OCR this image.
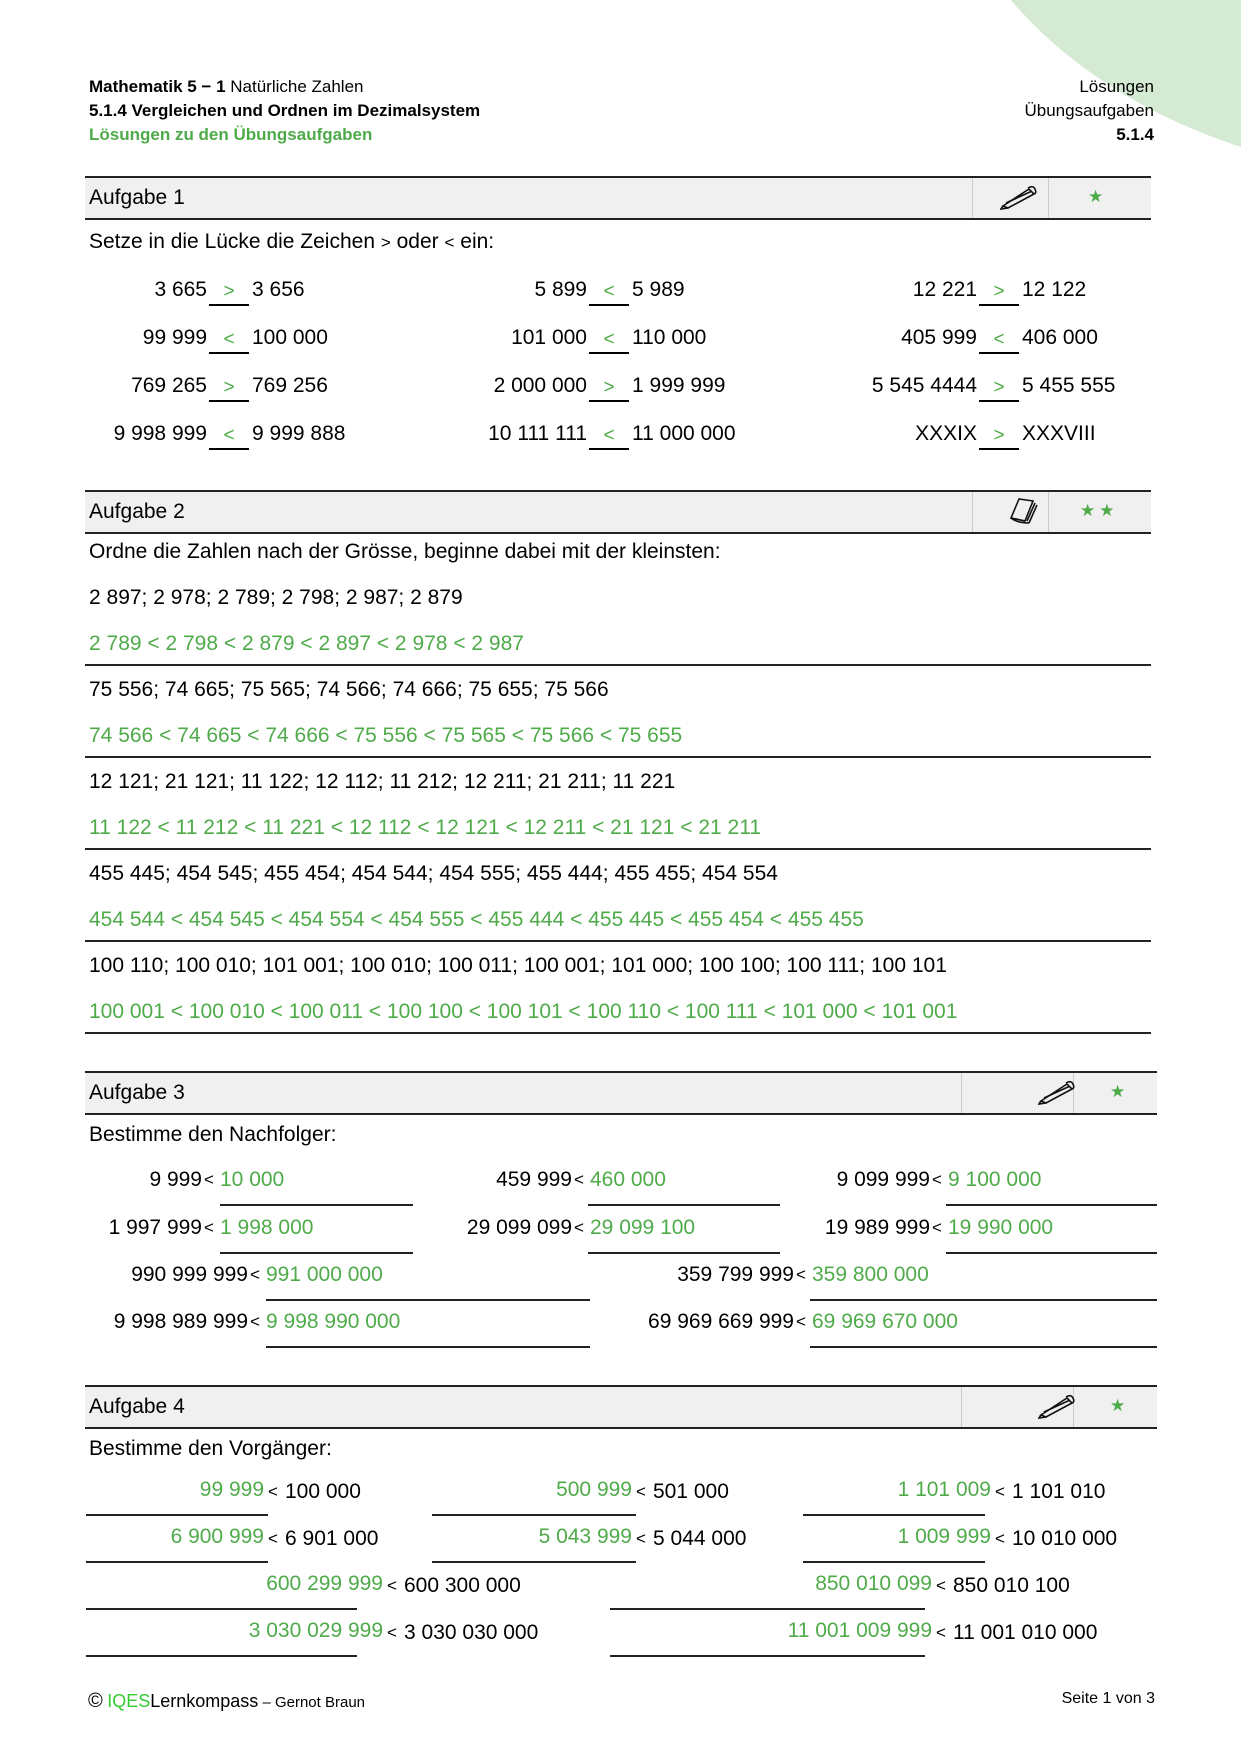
Mathematik 5 − 1 Natürliche Zahlen
5.1.4 Vergleichen und Ordnen im Dezimalsystem
Lösungen zu den Übungsaufgaben
Lösungen
Übungsaufgaben
5.1.4
Aufgabe 1	★
Setze in die Lücke die Zeichen > oder < ein:
3 665 > 3 656	5 899 < 5 989	12 221 > 12 122
99 999 < 100 000	101 000 < 110 000	405 999 < 406 000
769 265 > 769 256	2 000 000 > 1 999 999	5 545 4444 > 5 455 555
9 998 999 < 9 999 888	10 111 111 < 11 000 000	XXXIX > XXXVIII
Aufgabe 2	★★
Ordne die Zahlen nach der Grösse, beginne dabei mit der kleinsten:
2 897; 2 978; 2 789; 2 798; 2 987; 2 879
2 789 < 2 798 < 2 879 < 2 897 < 2 978 < 2 987
75 556; 74 665; 75 565; 74 566; 74 666; 75 655; 75 566
74 566 < 74 665 < 74 666 < 75 556 < 75 565 < 75 566 < 75 655
12 121; 21 121; 11 122; 12 112; 11 212; 12 211; 21 211; 11 221
11 122 < 11 212 < 11 221 < 12 112 < 12 121 < 12 211 < 21 121 < 21 211
455 445; 454 545; 455 454; 454 544; 454 555; 455 444; 455 455; 454 554
454 544 < 454 545 < 454 554 < 454 555 < 455 444 < 455 445 < 455 454 < 455 455
100 110; 100 010; 101 001; 100 010; 100 011; 100 001; 101 000; 100 100; 100 111; 100 101
100 001 < 100 010 < 100 011 < 100 100 < 100 101 < 100 110 < 100 111 < 101 000 < 101 001
Aufgabe 3	★
Bestimme den Nachfolger:
9 999 < 10 000	459 999 < 460 000	9 099 999 < 9 100 000
1 997 999 < 1 998 000	29 099 099 < 29 099 100	19 989 999 < 19 990 000
990 999 999 < 991 000 000	359 799 999 < 359 800 000
9 998 989 999 < 9 998 990 000	69 969 669 999 < 69 969 670 000
Aufgabe 4	★
Bestimme den Vorgänger:
99 999 < 100 000	500 999 < 501 000	1 101 009 < 1 101 010
6 900 999 < 6 901 000	5 043 999 < 5 044 000	1 009 999 < 10 010 000
600 299 999 < 600 300 000	850 010 099 < 850 010 100
3 030 029 999 < 3 030 030 000	11 001 009 999 < 11 001 010 000
© IQESLernkompass – Gernot Braun	Seite 1 von 3
